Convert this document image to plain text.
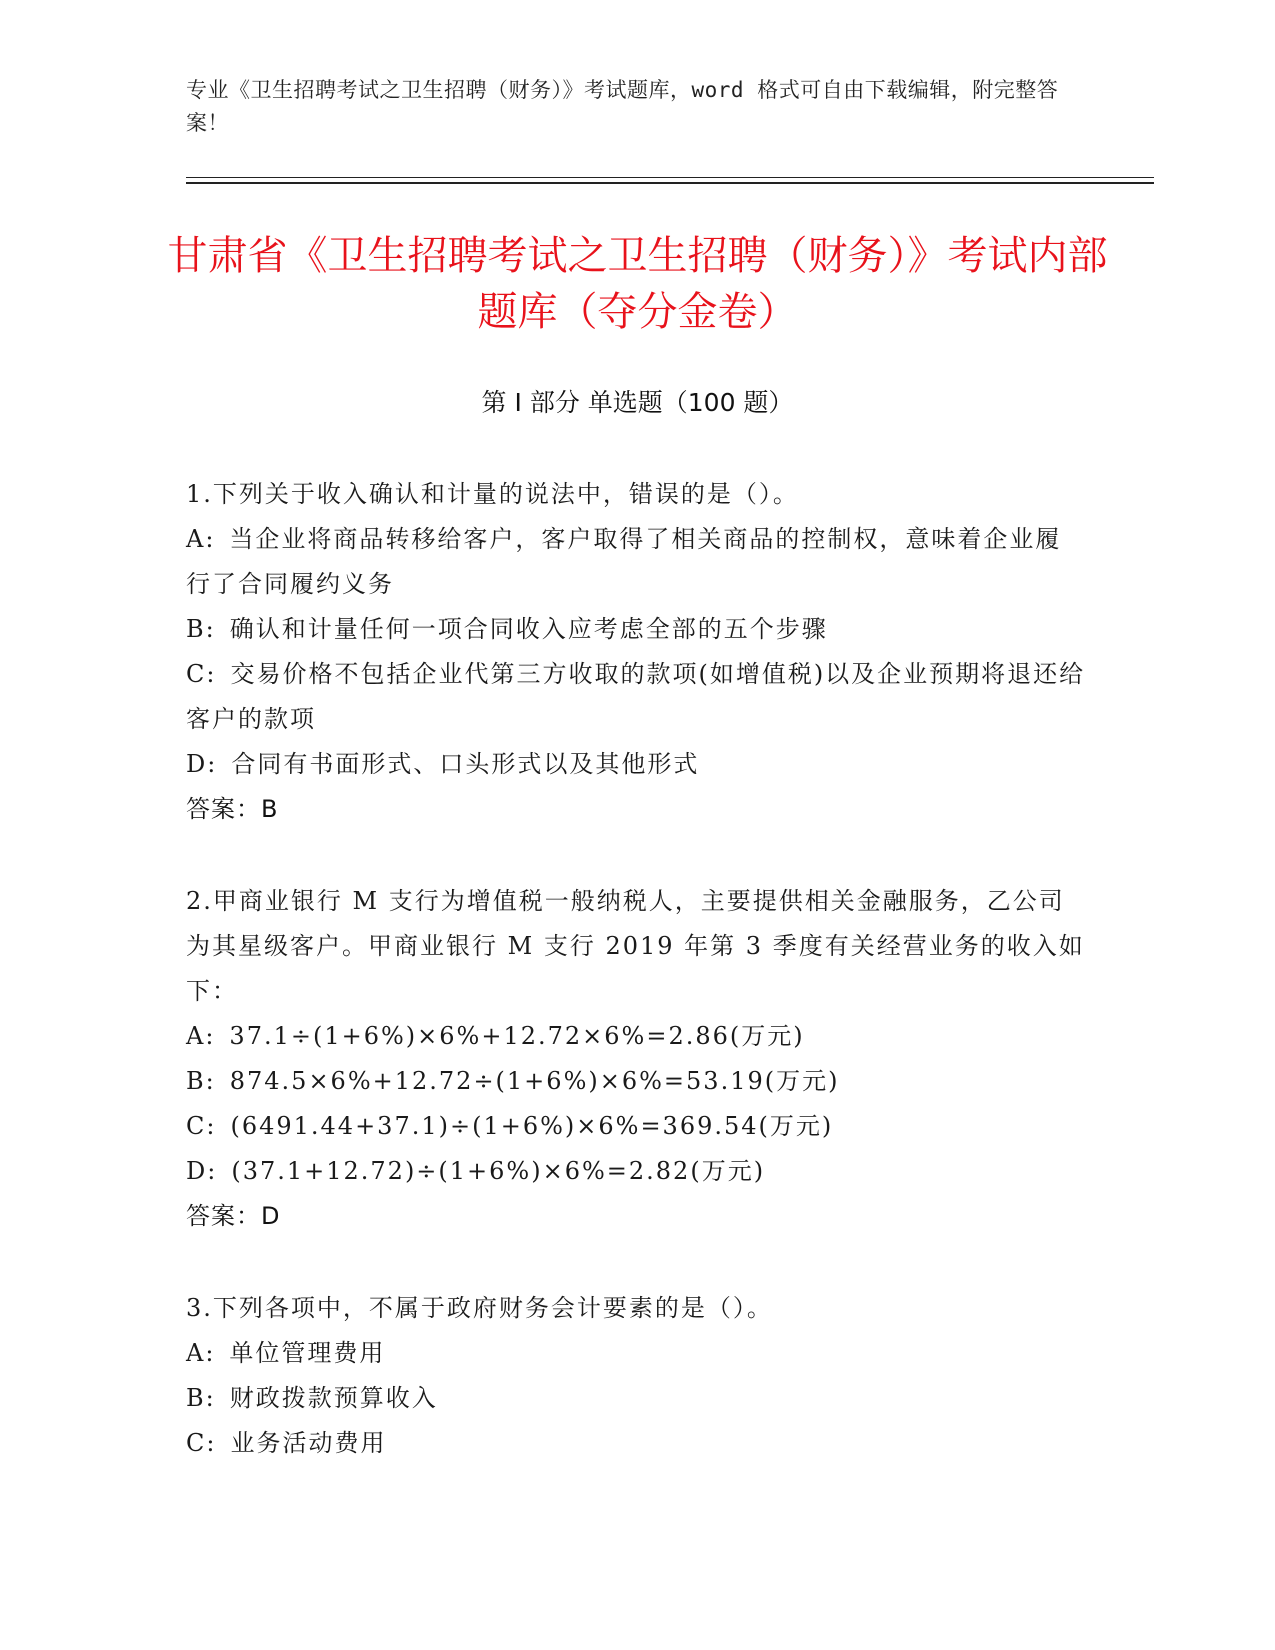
专业《卫生招聘考试之卫生招聘（财务）》考试题库，word 格式可自由下载编辑，附完整答案！
甘肃省《卫生招聘考试之卫生招聘（财务）》考试内部题库（夺分金卷）
第 I 部分 单选题（100 题）

1.下列关于收入确认和计量的说法中，错误的是（）。

A: 当企业将商品转移给客户，客户取得了相关商品的控制权，意味着企业履行了合同履约义务

B: 确认和计量任何一项合同收入应考虑全部的五个步骤

C: 交易价格不包括企业代第三方收取的款项(如增值税)以及企业预期将退还给客户的款项

D: 合同有书面形式、口头形式以及其他形式

答案：B

2.甲商业银行 M 支行为增值税一般纳税人，主要提供相关金融服务，乙公司为其星级客户。甲商业银行 M 支行 2019 年第 3 季度有关经营业务的收入如下：

A: 37.1÷(1+6%)×6%+12.72×6%=2.86(万元)

B: 874.5×6%+12.72÷(1+6%)×6%=53.19(万元)

C: (6491.44+37.1)÷(1+6%)×6%=369.54(万元)

D: (37.1+12.72)÷(1+6%)×6%=2.82(万元)

答案：D

3.下列各项中，不属于政府财务会计要素的是（）。

A: 单位管理费用

B: 财政拨款预算收入

C: 业务活动费用
